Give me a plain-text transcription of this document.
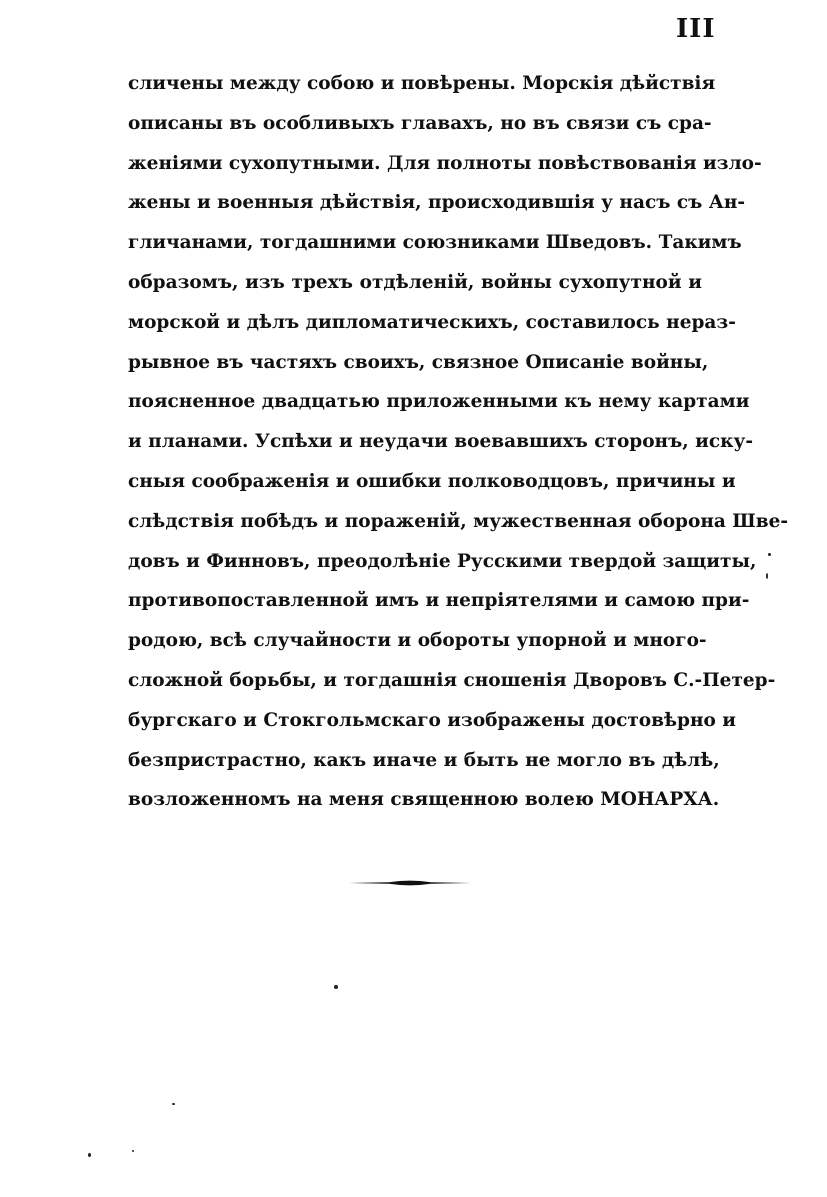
III
сличены между собою и повѣрены. Морскія дѣйствія
описаны въ особливыхъ главахъ, но въ связи съ сра-
женіями сухопутными. Для полноты повѣствованія изло-
жены и военныя дѣйствія, происходившія у насъ съ Ан-
гличанами, тогдашними союзниками Шведовъ. Такимъ
образомъ, изъ трехъ отдѣленій, войны сухопутной и
морской и дѣлъ дипломатическихъ, составилось нераз-
рывное въ частяхъ своихъ, связное Описаніе войны,
поясненное двадцатью приложенными къ нему картами
и планами. Успѣхи и неудачи воевавшихъ сторонъ, иску-
сныя соображенія и ошибки полководцовъ, причины и
слѣдствія побѣдъ и пораженій, мужественная оборона Шве-
довъ и Финновъ, преодолѣніе Русскими твердой защиты,
противопоставленной имъ и непріятелями и самою при-
родою, всѣ случайности и обороты упорной и много-
сложной борьбы, и тогдашнія сношенія Дворовъ С.-Петер-
бургскаго и Стокгольмскаго изображены достовѣрно и
безпристрастно, какъ иначе и быть не могло въ дѣлѣ,
возложенномъ на меня священною волею МОНАРХА.
